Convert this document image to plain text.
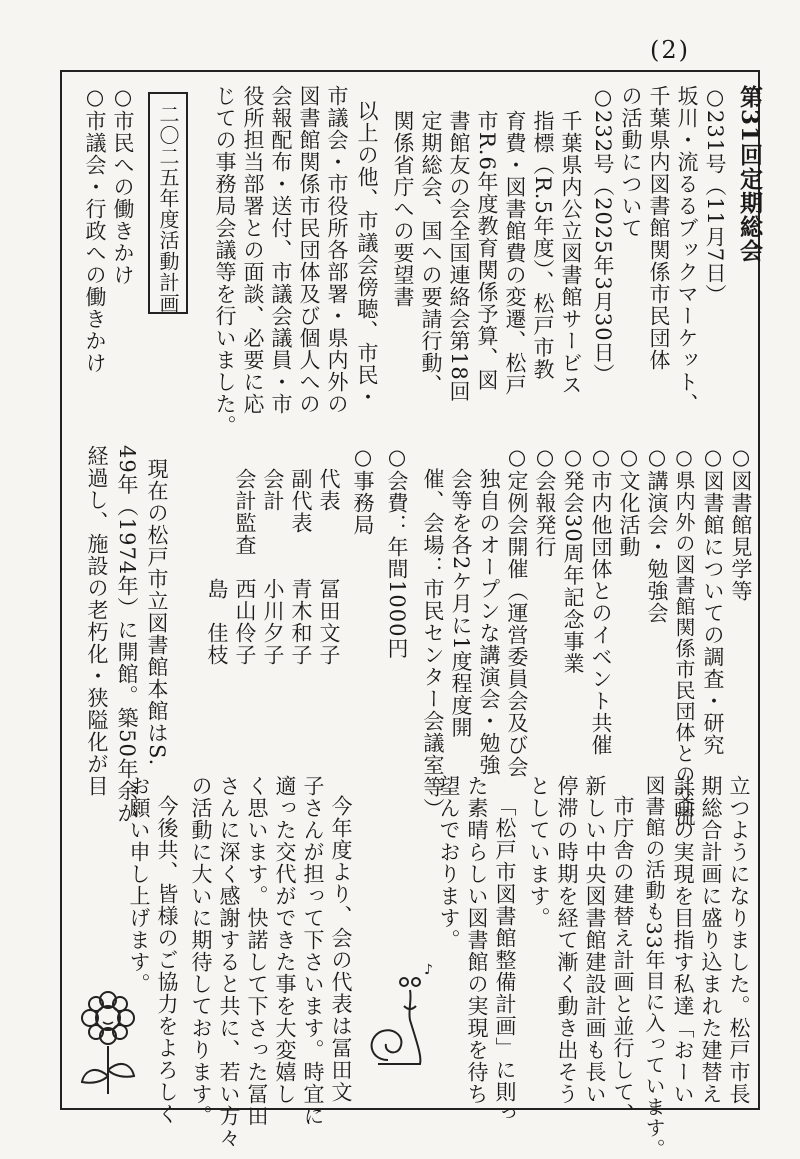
(2)
第31回定期総会
○231号（11月7日）
坂川・流るるブックマーケット、
千葉県内図書館関係市民団体
の活動について
○232号（2025年3月30日）
千葉県内公立図書館サービス
指標（R.5年度）、松戸市教
育費・図書館費の変遷、松戸
市R.6年度教育関係予算、図
書館友の会全国連絡会第18回
定期総会、国への要請行動、
関係省庁への要望書
以上の他、市議会傍聴、市民・
市議会・市役所各部署・県内外の
図書館関係市民団体及び個人への
会報配布・送付、市議会議員・市
役所担当部署との面談、必要に応
じての事務局会議等を行いました。
二〇二五年度活動計画
○市民への働きかけ
○市議会・行政への働きかけ
○図書館見学等
○図書館についての調査・研究
○県内外の図書館関係市民団体との交流
○講演会・勉強会
○文化活動
○市内他団体とのイベント共催
○発会30周年記念事業
○会報発行
○定例会開催（運営委員会及び会
独自のオープンな講演会・勉強
会等を各2ケ月に1度程度開
催、会場：市民センター会議室等）
○会費：年間1000円
○事務局
代表　　　冨田文子
副代表　　青木和子
会計　　　小川夕子
会計監査　西山伶子
　　　　　島　佳枝
現在の松戸市立図書館本館はS.
49年（1974年）に開館。築50年余が
経過し、施設の老朽化・狭隘化が目
立つようになりました。松戸市長
期総合計画に盛り込まれた建替え
計画の実現を目指す私達「おーい
図書館の活動も33年目に入っています。
市庁舎の建替え計画と並行して、
新しい中央図書館建設計画も長い
停滞の時期を経て漸く動き出そう
としています。
「松戸市図書館整備計画」に則っ
た素晴らしい図書館の実現を待ち
望んでおります。
今年度より、会の代表は冨田文
子さんが担って下さいます。時宜に
適った交代ができた事を大変嬉し
く思います。快諾して下さった冨田
さんに深く感謝すると共に、若い方々
の活動に大いに期待しております。
今後共、皆様のご協力をよろしく
お願い申し上げます。	♪
